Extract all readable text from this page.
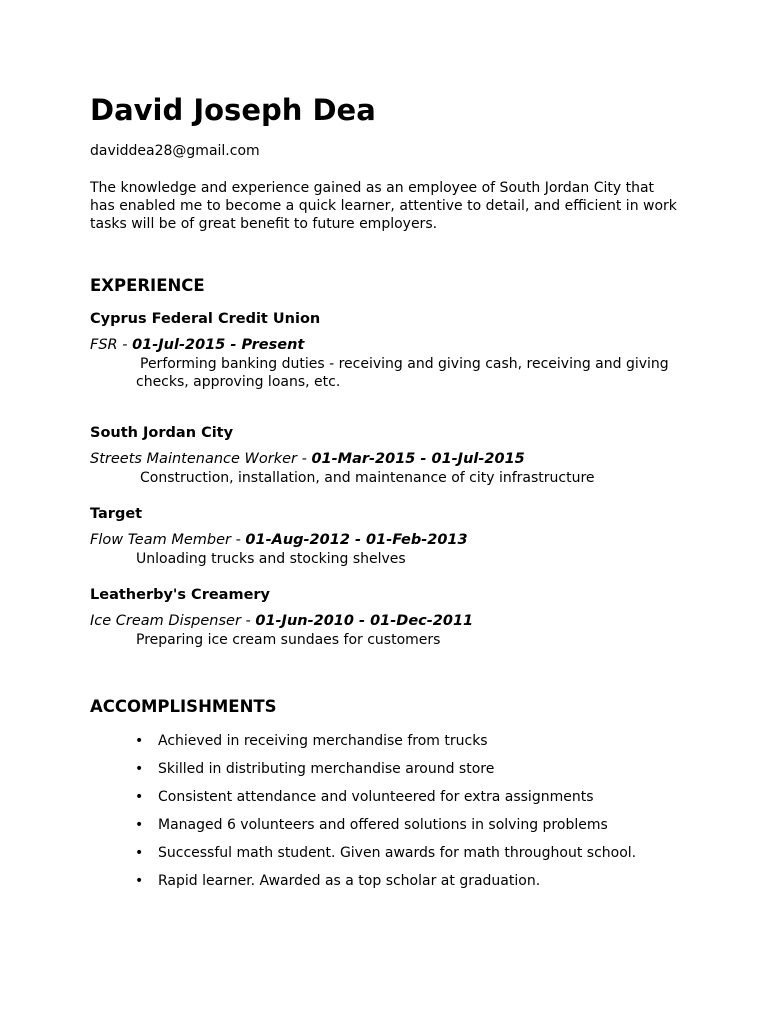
David Joseph Dea
daviddea28@gmail.com
The knowledge and experience gained as an employee of South Jordan City that has enabled me to become a quick learner, attentive to detail, and efficient in work tasks will be of great benefit to future employers.
EXPERIENCE
Cyprus Federal Credit Union
FSR - 01-Jul-2015 - Present
Performing banking duties - receiving and giving cash, receiving and giving checks, approving loans, etc.
South Jordan City
Streets Maintenance Worker - 01-Mar-2015 - 01-Jul-2015
Construction, installation, and maintenance of city infrastructure
Target
Flow Team Member - 01-Aug-2012 - 01-Feb-2013
Unloading trucks and stocking shelves
Leatherby's Creamery
Ice Cream Dispenser - 01-Jun-2010 - 01-Dec-2011
Preparing ice cream sundaes for customers
ACCOMPLISHMENTS
• Achieved in receiving merchandise from trucks
• Skilled in distributing merchandise around store
• Consistent attendance and volunteered for extra assignments
• Managed 6 volunteers and offered solutions in solving problems
• Successful math student. Given awards for math throughout school.
• Rapid learner. Awarded as a top scholar at graduation.
